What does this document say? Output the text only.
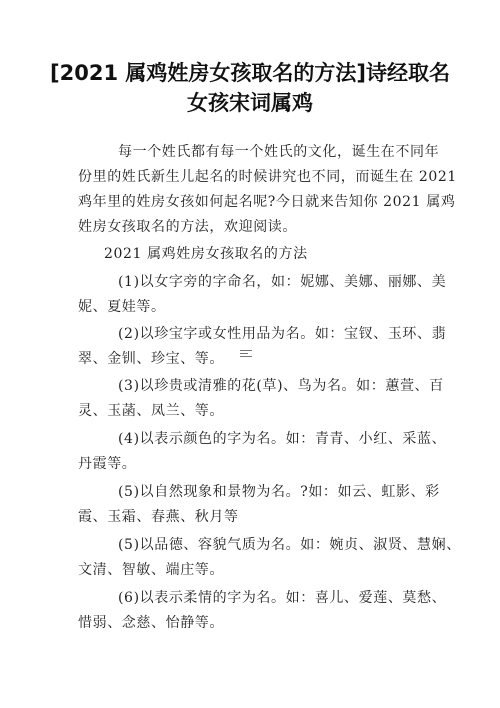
[2021 属鸡姓房女孩取名的方法]诗经取名
女孩宋词属鸡
每一个姓氏都有每一个姓氏的文化，诞生在不同年
份里的姓氏新生儿起名的时候讲究也不同，而诞生在 2021
鸡年里的姓房女孩如何起名呢?今日就来告知你 2021 属鸡
姓房女孩取名的方法，欢迎阅读。
2021 属鸡姓房女孩取名的方法
(1)以女字旁的字命名，如：妮娜、美娜、丽娜、美
妮、夏娃等。
(2)以珍宝字或女性用品为名。如：宝钗、玉环、翡
翠、金钏、珍宝、等。
(3)以珍贵或清雅的花(草)、鸟为名。如：蕙萱、百
灵、玉菡、凤兰、等。
(4)以表示颜色的字为名。如：青青、小红、采蓝、
丹霞等。
(5)以自然现象和景物为名。?如：如云、虹影、彩
霞、玉霜、春燕、秋月等
(5)以品德、容貌气质为名。如：婉贞、淑贤、慧娴、
文清、智敏、端庄等。
(6)以表示柔情的字为名。如：喜儿、爱莲、莫愁、
惜弱、念慈、怡静等。
